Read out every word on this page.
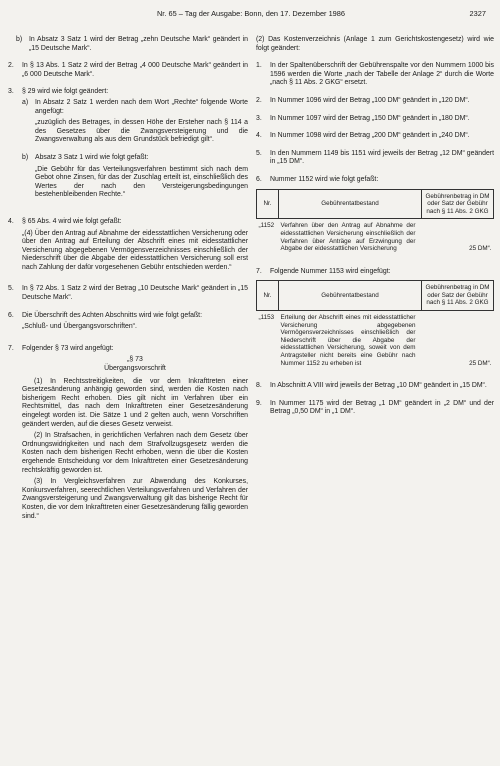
Nr. 65 – Tag der Ausgabe: Bonn, den 17. Dezember 1986	2327
b) In Absatz 3 Satz 1 wird der Betrag „zehn Deutsche Mark“ geändert in „15 Deutsche Mark“.

2.	In § 13 Abs. 1 Satz 2 wird der Betrag „4 000 Deutsche Mark“ geändert in „6 000 Deutsche Mark“.

3.	§ 29 wird wie folgt geändert:

a) In Absatz 2 Satz 1 werden nach dem Wort „Rechte“ folgende Worte angefügt:

„zuzüglich des Betrages, in dessen Höhe der Ersteher nach § 114 a des Gesetzes über die Zwangsversteigerung und die Zwangsverwaltung als aus dem Grundstück befriedigt gilt“.

b) Absatz 3 Satz 1 wird wie folgt gefaßt:

„Die Gebühr für das Verteilungsverfahren bestimmt sich nach dem Gebot ohne Zinsen, für das der Zuschlag erteilt ist, einschließlich des Wertes der nach den Versteigerungsbedingungen bestehenbleibenden Rechte.“

4.	§ 65 Abs. 4 wird wie folgt gefaßt:

„(4) Über den Antrag auf Abnahme der eidesstattlichen Versicherung oder über den Antrag auf Erteilung der Abschrift eines mit eidesstattlicher Versicherung abgegebenen Vermögensverzeichnisses einschließlich der Niederschrift über die Abgabe der eidesstattlichen Versicherung soll erst nach Zahlung der dafür vorgesehenen Gebühr entschieden werden.“

5.	In § 72 Abs. 1 Satz 2 wird der Betrag „10 Deutsche Mark“ geändert in „15 Deutsche Mark“.

6.	Die Überschrift des Achten Abschnitts wird wie folgt gefaßt:

„Schluß- und Übergangsvorschriften“.

7.	Folgender § 73 wird angefügt:

„§ 73

Übergangsvorschrift

(1) In Rechtsstreitigkeiten, die vor dem Inkrafttreten einer Gesetzesänderung anhängig geworden sind, werden die Kosten nach bisherigem Recht erhoben. Dies gilt nicht im Verfahren über ein Rechtsmittel, das nach dem Inkrafttreten einer Gesetzesänderung eingelegt worden ist. Die Sätze 1 und 2 gelten auch, wenn Vorschriften geändert werden, auf die dieses Gesetz verweist.

(2) In Strafsachen, in gerichtlichen Verfahren nach dem Gesetz über Ordnungswidrigkeiten und nach dem Strafvollzugsgesetz werden die Kosten nach dem bisherigen Recht erhoben, wenn die über die Kosten ergehende Entscheidung vor dem Inkrafttreten einer Gesetzesänderung rechtskräftig geworden ist.

(3) In Vergleichsverfahren zur Abwendung des Konkurses, Konkursverfahren, seerechtlichen Verteilungsverfahren und Verfahren der Zwangsversteigerung und Zwangsverwaltung gilt das bisherige Recht für Kosten, die vor dem Inkrafttreten einer Gesetzesänderung fällig geworden sind.“

(2) Das Kostenverzeichnis (Anlage 1 zum Gerichtskostengesetz) wird wie folgt geändert:

1.	In der Spaltenüberschrift der Gebührenspalte vor den Nummern 1000 bis 1596 werden die Worte „nach der Tabelle der Anlage 2“ durch die Worte „nach § 11 Abs. 2 GKG“ ersetzt.

2.	In Nummer 1096 wird der Betrag „100 DM“ geändert in „120 DM“.

3.	In Nummer 1097 wird der Betrag „150 DM“ geändert in „180 DM“.

4.	In Nummer 1098 wird der Betrag „200 DM“ geändert in „240 DM“.

5.	In den Nummern 1149 bis 1151 wird jeweils der Betrag „12 DM“ geändert in „15 DM“.

6.	Nummer 1152 wird wie folgt gefaßt:

Nr.	Gebührentatbestand	Gebührenbetrag in DM oder Satz der Gebühr nach § 11 Abs. 2 GKG
„1152	Verfahren über den Antrag auf Abnahme der eidesstattlichen Versicherung einschließlich der Verfahren über Anträge auf Erzwingung der Abgabe der eidesstattlichen Versicherung	25 DM“.
7.	Folgende Nummer 1153 wird eingefügt:

Nr.	Gebührentatbestand	Gebührenbetrag in DM oder Satz der Gebühr nach § 11 Abs. 2 GKG
„1153	Erteilung der Abschrift eines mit eidesstattlicher Versicherung abgegebenen Vermögensverzeichnisses einschließlich der Niederschrift über die Abgabe der eidesstattlichen Versicherung, soweit von dem Antragsteller nicht bereits eine Gebühr nach Nummer 1152 zu erheben ist	25 DM“.
8.	In Abschnitt A VIII wird jeweils der Betrag „10 DM“ geändert in „15 DM“.

9.	In Nummer 1175 wird der Betrag „1 DM“ geändert in „2 DM“ und der Betrag „0,50 DM“ in „1 DM“.
